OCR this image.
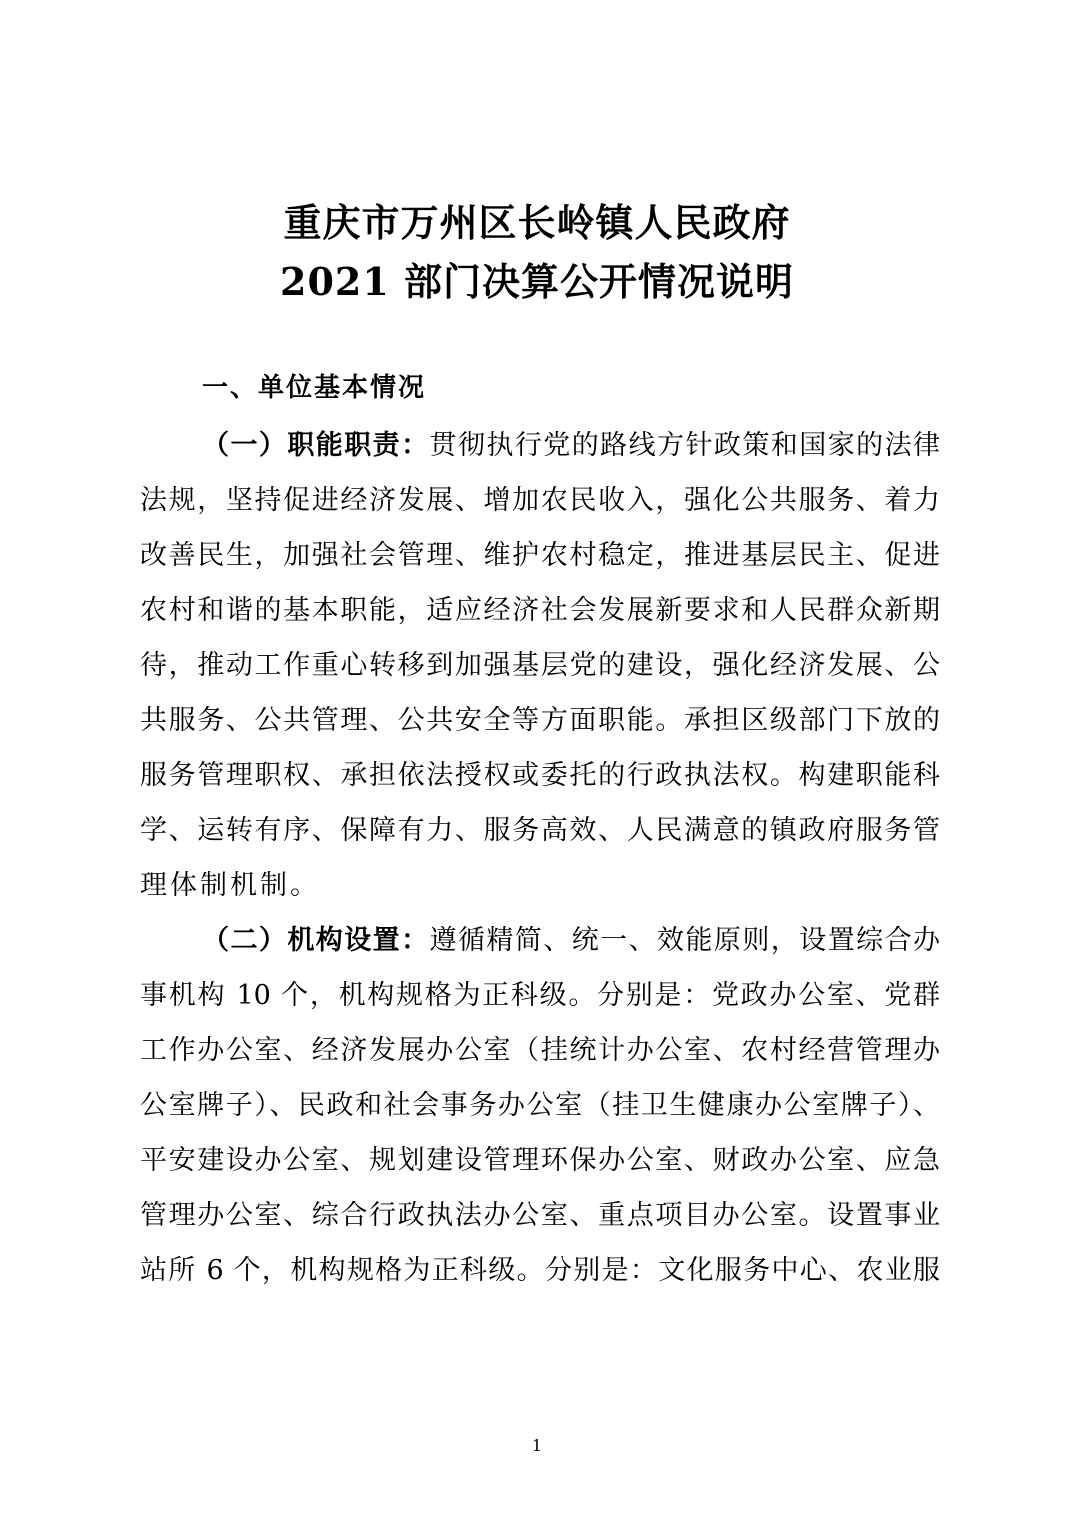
重庆市万州区长岭镇人民政府
2021 部门决算公开情况说明
一、单位基本情况
（一）职能职责：贯彻执行党的路线方针政策和国家的法律
法规，坚持促进经济发展、增加农民收入，强化公共服务、着力
改善民生，加强社会管理、维护农村稳定，推进基层民主、促进
农村和谐的基本职能，适应经济社会发展新要求和人民群众新期
待，推动工作重心转移到加强基层党的建设，强化经济发展、公
共服务、公共管理、公共安全等方面职能。承担区级部门下放的
服务管理职权、承担依法授权或委托的行政执法权。构建职能科
学、运转有序、保障有力、服务高效、人民满意的镇政府服务管
理体制机制。
（二）机构设置：遵循精简、统一、效能原则，设置综合办
事机构 10 个，机构规格为正科级。分别是：党政办公室、党群
工作办公室、经济发展办公室（挂统计办公室、农村经营管理办
公室牌子）、民政和社会事务办公室（挂卫生健康办公室牌子）、
平安建设办公室、规划建设管理环保办公室、财政办公室、应急
管理办公室、综合行政执法办公室、重点项目办公室。设置事业
站所 6 个，机构规格为正科级。分别是：文化服务中心、农业服
1
